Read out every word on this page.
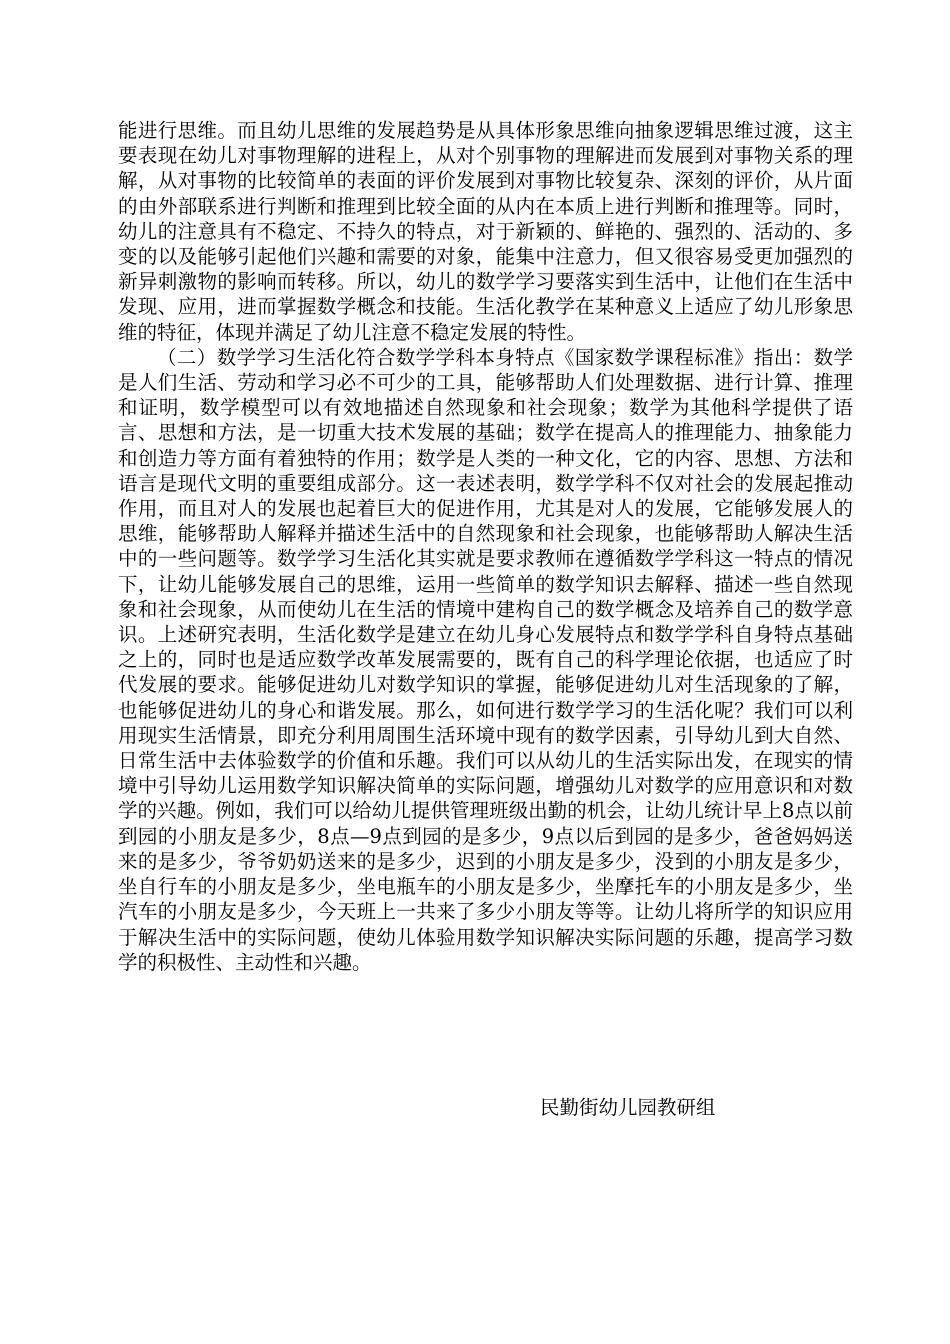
能进行思维。而且幼儿思维的发展趋势是从具体形象思维向抽象逻辑思维过渡，这主要表现在幼儿对事物理解的进程上，从对个别事物的理解进而发展到对事物关系的理解，从对事物的比较简单的表面的评价发展到对事物比较复杂、深刻的评价，从片面的由外部联系进行判断和推理到比较全面的从内在本质上进行判断和推理等。同时，幼儿的注意具有不稳定、不持久的特点，对于新颖的、鲜艳的、强烈的、活动的、多变的以及能够引起他们兴趣和需要的对象，能集中注意力，但又很容易受更加强烈的新异刺激物的影响而转移。所以，幼儿的数学学习要落实到生活中，让他们在生活中发现、应用，进而掌握数学概念和技能。生活化教学在某种意义上适应了幼儿形象思维的特征，体现并满足了幼儿注意不稳定发展的特性。

（二）数学学习生活化符合数学学科本身特点《国家数学课程标准》指出：数学是人们生活、劳动和学习必不可少的工具，能够帮助人们处理数据、进行计算、推理和证明，数学模型可以有效地描述自然现象和社会现象；数学为其他科学提供了语言、思想和方法，是一切重大技术发展的基础；数学在提高人的推理能力、抽象能力和创造力等方面有着独特的作用；数学是人类的一种文化，它的内容、思想、方法和语言是现代文明的重要组成部分。这一表述表明，数学学科不仅对社会的发展起推动作用，而且对人的发展也起着巨大的促进作用，尤其是对人的发展，它能够发展人的思维，能够帮助人解释并描述生活中的自然现象和社会现象，也能够帮助人解决生活中的一些问题等。数学学习生活化其实就是要求教师在遵循数学学科这一特点的情况下，让幼儿能够发展自己的思维，运用一些简单的数学知识去解释、描述一些自然现象和社会现象，从而使幼儿在生活的情境中建构自己的数学概念及培养自己的数学意识。上述研究表明，生活化数学是建立在幼儿身心发展特点和数学学科自身特点基础之上的，同时也是适应数学改革发展需要的，既有自己的科学理论依据，也适应了时代发展的要求。能够促进幼儿对数学知识的掌握，能够促进幼儿对生活现象的了解，也能够促进幼儿的身心和谐发展。那么，如何进行数学学习的生活化呢？我们可以利用现实生活情景，即充分利用周围生活环境中现有的数学因素，引导幼儿到大自然、日常生活中去体验数学的价值和乐趣。我们可以从幼儿的生活实际出发，在现实的情境中引导幼儿运用数学知识解决简单的实际问题，增强幼儿对数学的应用意识和对数学的兴趣。例如，我们可以给幼儿提供管理班级出勤的机会，让幼儿统计早上8点以前到园的小朋友是多少，8点—9点到园的是多少，9点以后到园的是多少，爸爸妈妈送来的是多少，爷爷奶奶送来的是多少，迟到的小朋友是多少，没到的小朋友是多少，坐自行车的小朋友是多少，坐电瓶车的小朋友是多少，坐摩托车的小朋友是多少，坐汽车的小朋友是多少，今天班上一共来了多少小朋友等等。让幼儿将所学的知识应用于解决生活中的实际问题，使幼儿体验用数学知识解决实际问题的乐趣，提高学习数学的积极性、主动性和兴趣。

民勤街幼儿园教研组
